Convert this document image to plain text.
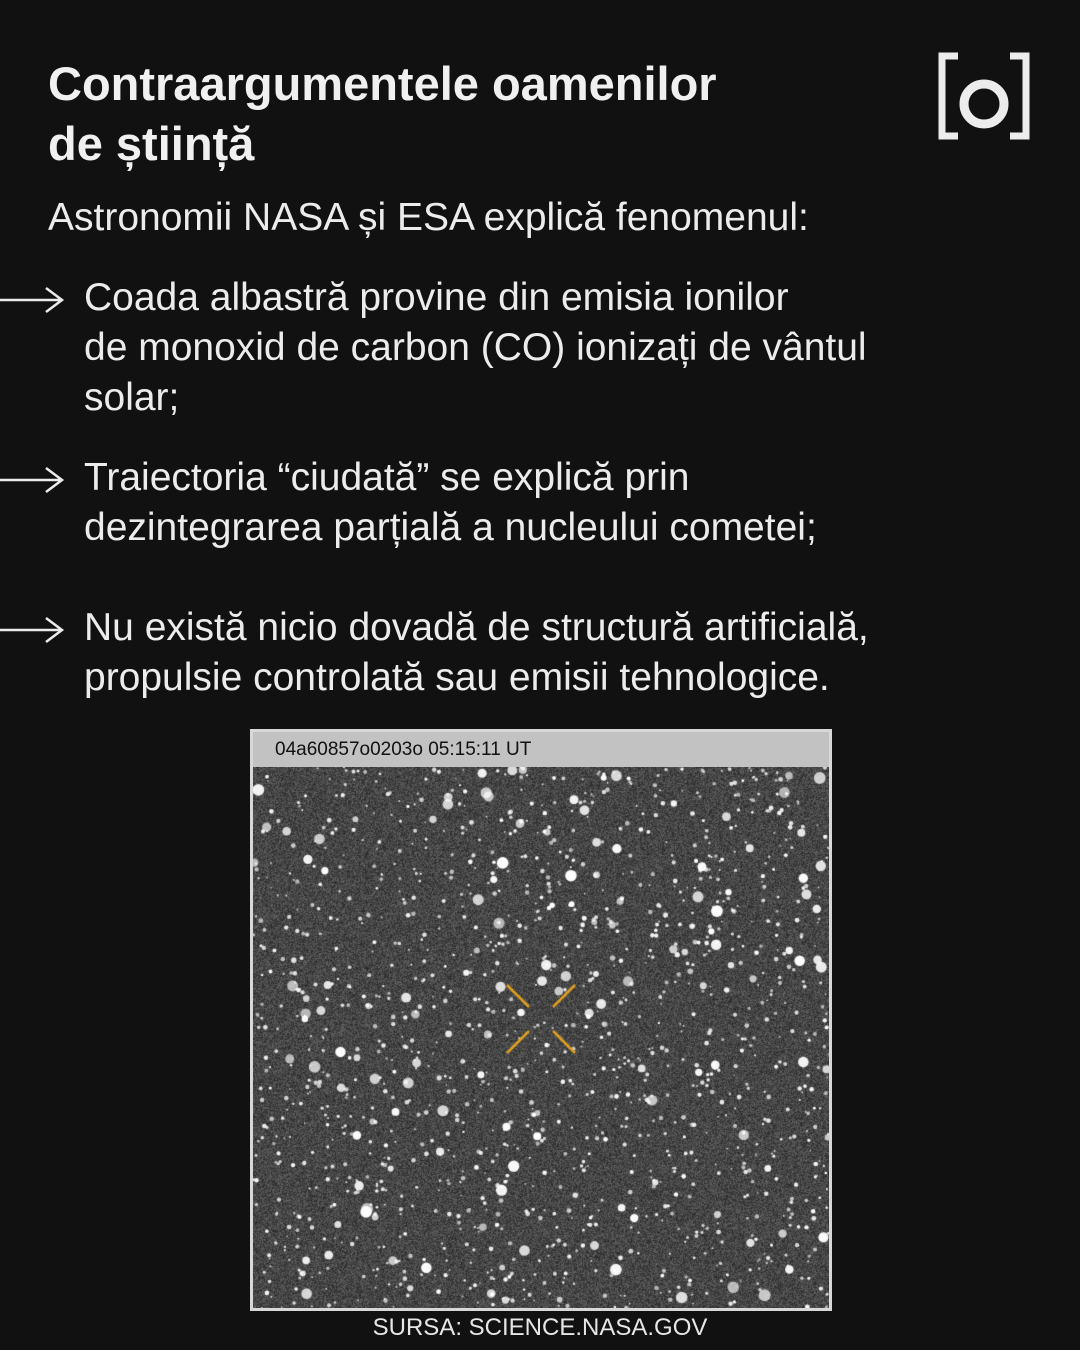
Contraargumentele oamenilor
de știință
Astronomii NASA și ESA explică fenomenul:
Coada albastră provine din emisia ionilor
de monoxid de carbon (CO) ionizați de vântul
solar;
Traiectoria “ciudată” se explică prin
dezintegrarea parțială a nucleului cometei;
Nu există nicio dovadă de structură artificială,
propulsie controlată sau emisii tehnologice.
04a60857o0203o 05:15:11 UT
SURSA: SCIENCE.NASA.GOV
